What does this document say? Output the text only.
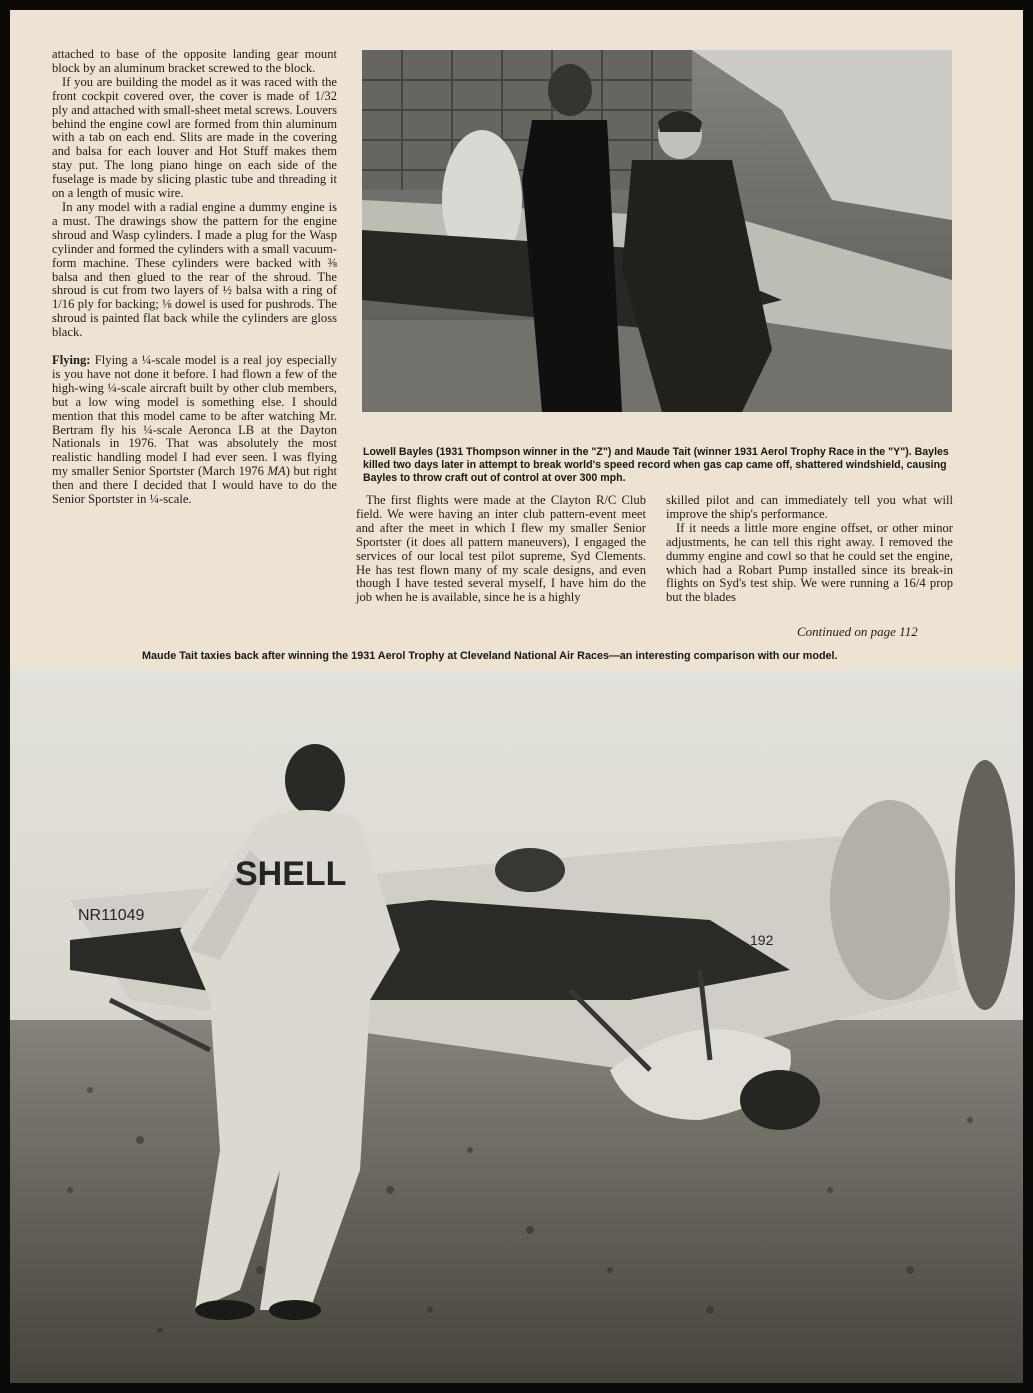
attached to base of the opposite landing gear mount block by an aluminum bracket screwed to the block.

If you are building the model as it was raced with the front cockpit covered over, the cover is made of 1/32 ply and attached with small-sheet metal screws. Louvers behind the engine cowl are formed from thin aluminum with a tab on each end. Slits are made in the covering and balsa for each louver and Hot Stuff makes them stay put. The long piano hinge on each side of the fuselage is made by slicing plastic tube and threading it on a length of music wire.

In any model with a radial engine a dummy engine is a must. The drawings show the pattern for the engine shroud and Wasp cylinders. I made a plug for the Wasp cylinder and formed the cylinders with a small vacuum-form machine. These cylinders were backed with ⅜ balsa and then glued to the rear of the shroud. The shroud is cut from two layers of ½ balsa with a ring of 1/16 ply for backing; ⅛ dowel is used for pushrods. The shroud is painted flat back while the cylinders are gloss black.

Flying: Flying a ¼-scale model is a real joy especially is you have not done it before. I had flown a few of the high-wing ¼-scale aircraft built by other club members, but a low wing model is something else. I should mention that this model came to be after watching Mr. Bertram fly his ¼-scale Aeronca LB at the Dayton Nationals in 1976. That was absolutely the most realistic handling model I had ever seen. I was flying my smaller Senior Sportster (March 1976 MA) but right then and there I decided that I would have to do the Senior Sportster in ¼-scale.

Lowell Bayles (1931 Thompson winner in the "Z") and Maude Tait (winner 1931 Aerol Trophy Race in the "Y"). Bayles killed two days later in attempt to break world's speed record when gas cap came off, shattered windshield, causing Bayles to throw craft out of control at over 300 mph.

The first flights were made at the Clayton R/C Club field. We were having an inter club pattern-event meet and after the meet in which I flew my smaller Senior Sportster (it does all pattern maneuvers), I engaged the services of our local test pilot supreme, Syd Clements. He has test flown many of my scale designs, and even though I have tested several myself, I have him do the job when he is available, since he is a highly

skilled pilot and can immediately tell you what will improve the ship's performance.

If it needs a little more engine offset, or other minor adjustments, he can tell this right away. I removed the dummy engine and cowl so that he could set the engine, which had a Robart Pump installed since its break-in flights on Syd's test ship. We were running a 16/4 prop but the blades

Continued on page 112

Maude Tait taxies back after winning the 1931 Aerol Trophy at Cleveland National Air Races—an interesting comparison with our model.

SHELL
NR11049
192
